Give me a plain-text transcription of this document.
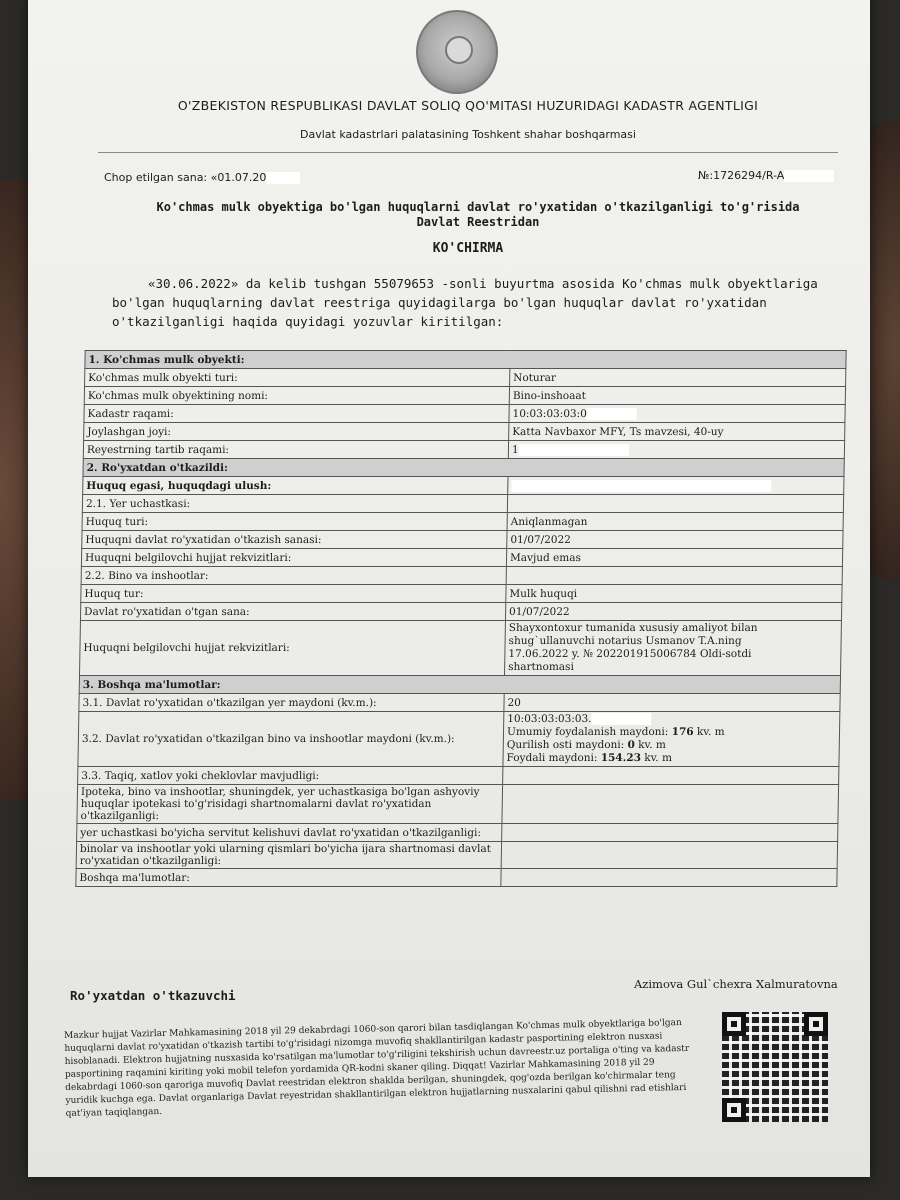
O'ZBEKISTON RESPUBLIKASI DAVLAT SOLIQ QO'MITASI HUZURIDAGI KADASTR AGENTLIGI
Davlat kadastrlari palatasining Toshkent shahar boshqarmasi
Chop etilgan sana: «01.07.20	№:1726294/R-A
Ko'chmas mulk obyektiga bo'lgan huquqlarni davlat ro'yxatidan o'tkazilganligi to'g'risida Davlat Reestridan
KO'CHIRMA
«30.06.2022» da kelib tushgan 55079653 -sonli buyurtma asosida Ko'chmas mulk obyektlariga bo'lgan huquqlarning davlat reestriga quyidagilarga bo'lgan huquqlar davlat ro'yxatidan o'tkazilganligi haqida quyidagi yozuvlar kiritilgan:
1. Ko'chmas mulk obyekti:	
Ko'chmas mulk obyekti turi:	Noturar
Ko'chmas mulk obyektining nomi:	Bino-inshoaat
Kadastr raqami:	10:03:03:03:0
Joylashgan joyi:	Katta Navbaxor MFY, Ts mavzesi, 40-uy
Reyestrning tartib raqami:	1
2. Ro'yxatdan o'tkazildi:	
Huquq egasi, huquqdagi ulush:	
2.1. Yer uchastkasi:	
Huquq turi:	Aniqlanmagan
Huquqni davlat ro'yxatidan o'tkazish sanasi:	01/07/2022
Huquqni belgilovchi hujjat rekvizitlari:	Mavjud emas
2.2. Bino va inshootlar:	
Huquq tur:	Mulk huquqi
Davlat ro'yxatidan o'tgan sana:	01/07/2022
Huquqni belgilovchi hujjat rekvizitlari:	Shayxontoxur tumanida xususiy amaliyot bilan
shug`ullanuvchi notarius Usmanov T.A.ning
17.06.2022 y. № 202201915006784 Oldi-sotdi
shartnomasi

3. Boshqa ma'lumotlar:	
3.1. Davlat ro'yxatidan o'tkazilgan yer maydoni (kv.m.):	20
3.2. Davlat ro'yxatidan o'tkazilgan bino va inshootlar maydoni (kv.m.):	10:03:03:03:03.
Umumiy foydalanish maydoni: 176 kv. m
Qurilish osti maydoni: 0 kv. m
Foydali maydoni: 154.23 kv. m

3.3. Taqiq, xatlov yoki cheklovlar mavjudligi:	
Ipoteka, bino va inshootlar, shuningdek, yer uchastkasiga bo'lgan ashyoviy huquqlar ipotekasi to'g'risidagi shartnomalarni davlat ro'yxatidan o'tkazilganligi:	
yer uchastkasi bo'yicha servitut kelishuvi davlat ro'yxatidan o'tkazilganligi:	
binolar va inshootlar yoki ularning qismlari bo'yicha ijara shartnomasi davlat ro'yxatidan o'tkazilganligi:	
Boshqa ma'lumotlar:	
Ro'yxatdan o'tkazuvchi
Azimova Gul`chexra Xalmuratovna
Mazkur hujjat Vazirlar Mahkamasining 2018 yil 29 dekabrdagi 1060-son qarori bilan tasdiqlangan Ko'chmas mulk obyektlariga bo'lgan huquqlarni davlat ro'yxatidan o'tkazish tartibi to'g'risidagi nizomga muvofiq shakllantirilgan kadastr pasportining elektron nusxasi hisoblanadi. Elektron hujjatning nusxasida ko'rsatilgan ma'lumotlar to'g'riligini tekshirish uchun davreestr.uz portaliga o'ting va kadastr pasportining raqamini kiriting yoki mobil telefon yordamida QR-kodni skaner qiling. Diqqat! Vazirlar Mahkamasining 2018 yil 29 dekabrdagi 1060-son qaroriga muvofiq Davlat reestridan elektron shaklda berilgan, shuningdek, qog'ozda berilgan ko'chirmalar teng yuridik kuchga ega. Davlat organlariga Davlat reyestridan shakllantirilgan elektron hujjatlarning nusxalarini qabul qilishni rad etishlari qat'iyan taqiqlangan.
